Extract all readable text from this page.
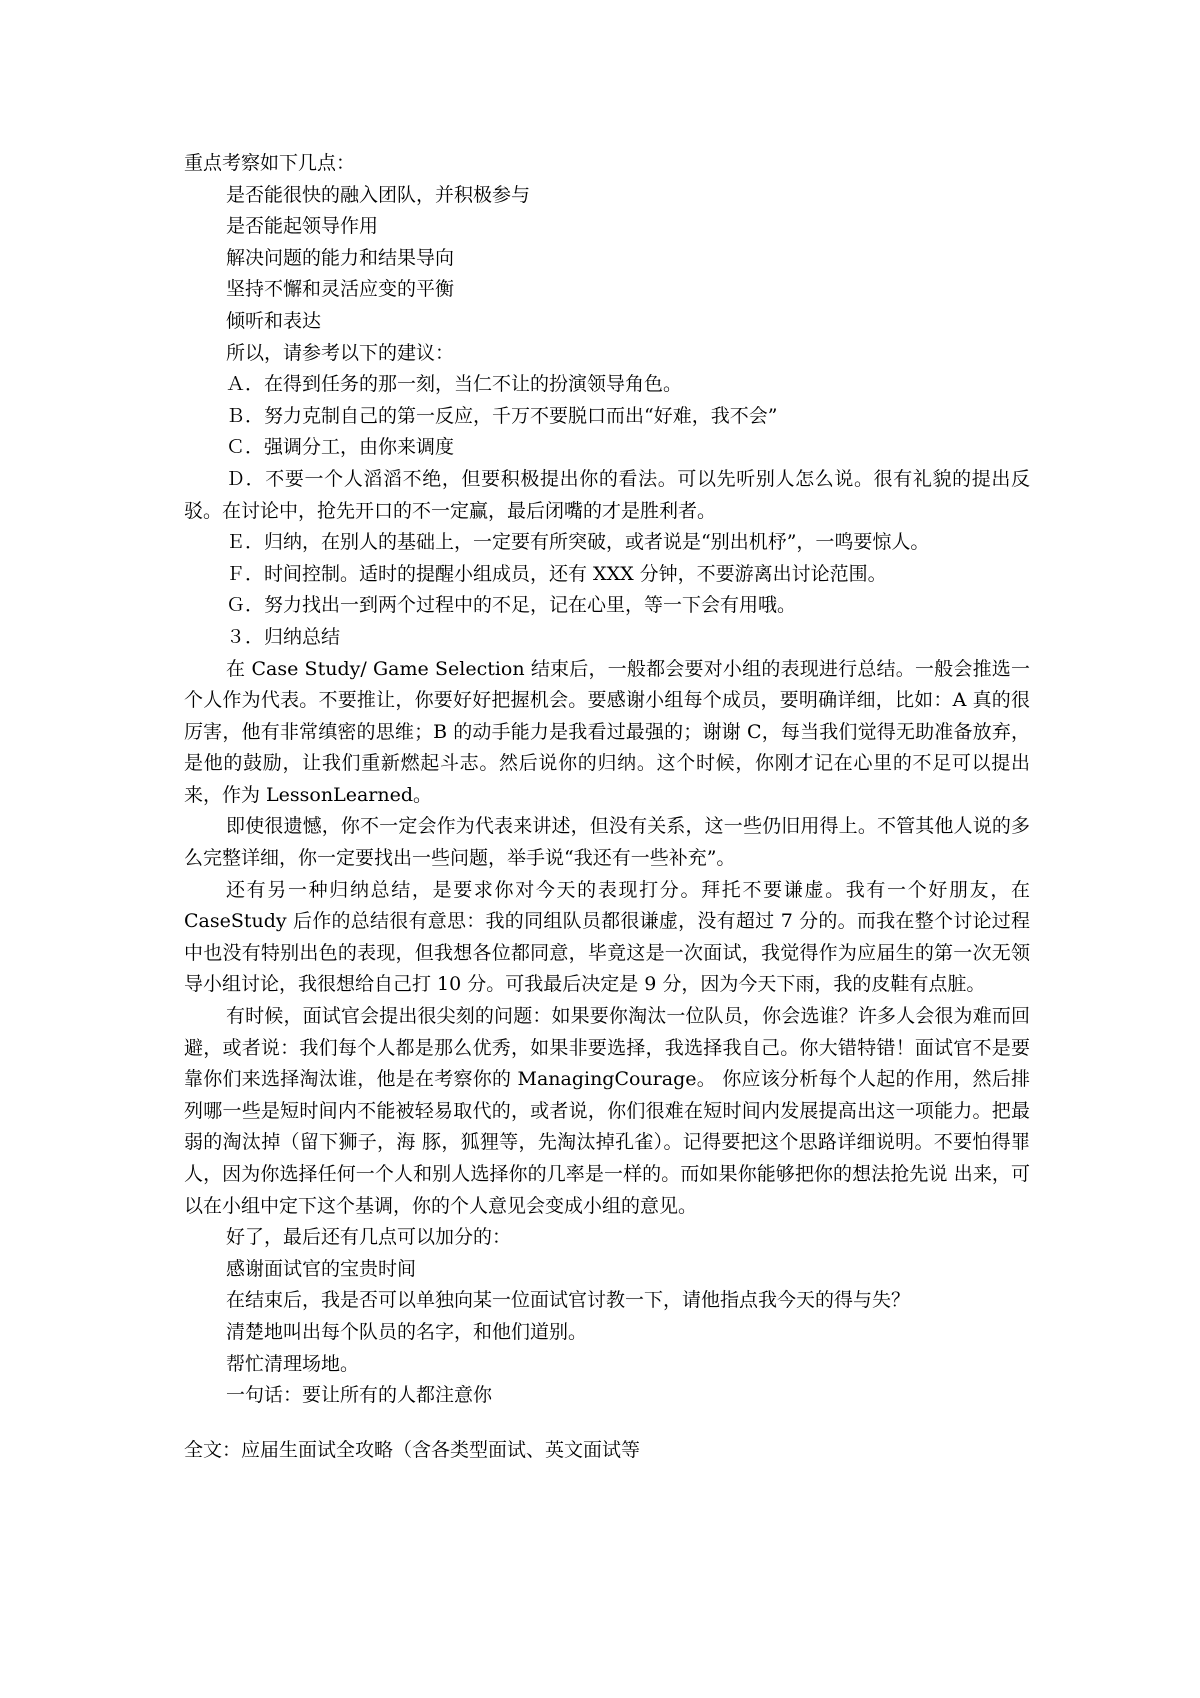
重点考察如下几点：

是否能很快的融入团队，并积极参与

是否能起领导作用

解决问题的能力和结果导向

坚持不懈和灵活应变的平衡

倾听和表达

所以，请参考以下的建议：

Ａ．在得到任务的那一刻，当仁不让的扮演领导角色。

Ｂ．努力克制自己的第一反应，千万不要脱口而出“好难，我不会”

Ｃ．强调分工，由你来调度

Ｄ．不要一个人滔滔不绝，但要积极提出你的看法。可以先听别人怎么说。很有礼貌的提出反驳。在讨论中，抢先开口的不一定赢，最后闭嘴的才是胜利者。

Ｅ．归纳，在别人的基础上，一定要有所突破，或者说是“别出机杼”，一鸣要惊人。

Ｆ．时间控制。适时的提醒小组成员，还有 XXX 分钟，不要游离出讨论范围。

Ｇ．努力找出一到两个过程中的不足，记在心里，等一下会有用哦。

３．归纳总结

在 Case Study/ Game Selection 结束后，一般都会要对小组的表现进行总结。一般会推选一个人作为代表。不要推让，你要好好把握机会。要感谢小组每个成员，要明确详细，比如：A 真的很厉害，他有非常缜密的思维；B 的动手能力是我看过最强的；谢谢 C，每当我们觉得无助准备放弃，是他的鼓励，让我们重新燃起斗志。然后说你的归纳。这个时候，你刚才记在心里的不足可以提出来，作为 LessonLearned。

即使很遗憾，你不一定会作为代表来讲述，但没有关系，这一些仍旧用得上。不管其他人说的多么完整详细，你一定要找出一些问题，举手说“我还有一些补充”。

还有另一种归纳总结，是要求你对今天的表现打分。拜托不要谦虚。我有一个好朋友，在 CaseStudy 后作的总结很有意思：我的同组队员都很谦虚，没有超过 7 分的。而我在整个讨论过程中也没有特别出色的表现，但我想各位都同意，毕竟这是一次面试，我觉得作为应届生的第一次无领导小组讨论，我很想给自己打 10 分。可我最后决定是 9 分，因为今天下雨，我的皮鞋有点脏。

有时候，面试官会提出很尖刻的问题：如果要你淘汰一位队员，你会选谁？许多人会很为难而回避，或者说：我们每个人都是那么优秀，如果非要选择，我选择我自己。你大错特错！面试官不是要靠你们来选择淘汰谁，他是在考察你的 ManagingCourage。 你应该分析每个人起的作用，然后排列哪一些是短时间内不能被轻易取代的，或者说，你们很难在短时间内发展提高出这一项能力。把最弱的淘汰掉（留下狮子，海 豚，狐狸等，先淘汰掉孔雀）。记得要把这个思路详细说明。不要怕得罪人，因为你选择任何一个人和别人选择你的几率是一样的。而如果你能够把你的想法抢先说 出来，可以在小组中定下这个基调，你的个人意见会变成小组的意见。

好了，最后还有几点可以加分的：

感谢面试官的宝贵时间

在结束后，我是否可以单独向某一位面试官讨教一下，请他指点我今天的得与失？

清楚地叫出每个队员的名字，和他们道别。

帮忙清理场地。

一句话：要让所有的人都注意你

全文：应届生面试全攻略（含各类型面试、英文面试等
